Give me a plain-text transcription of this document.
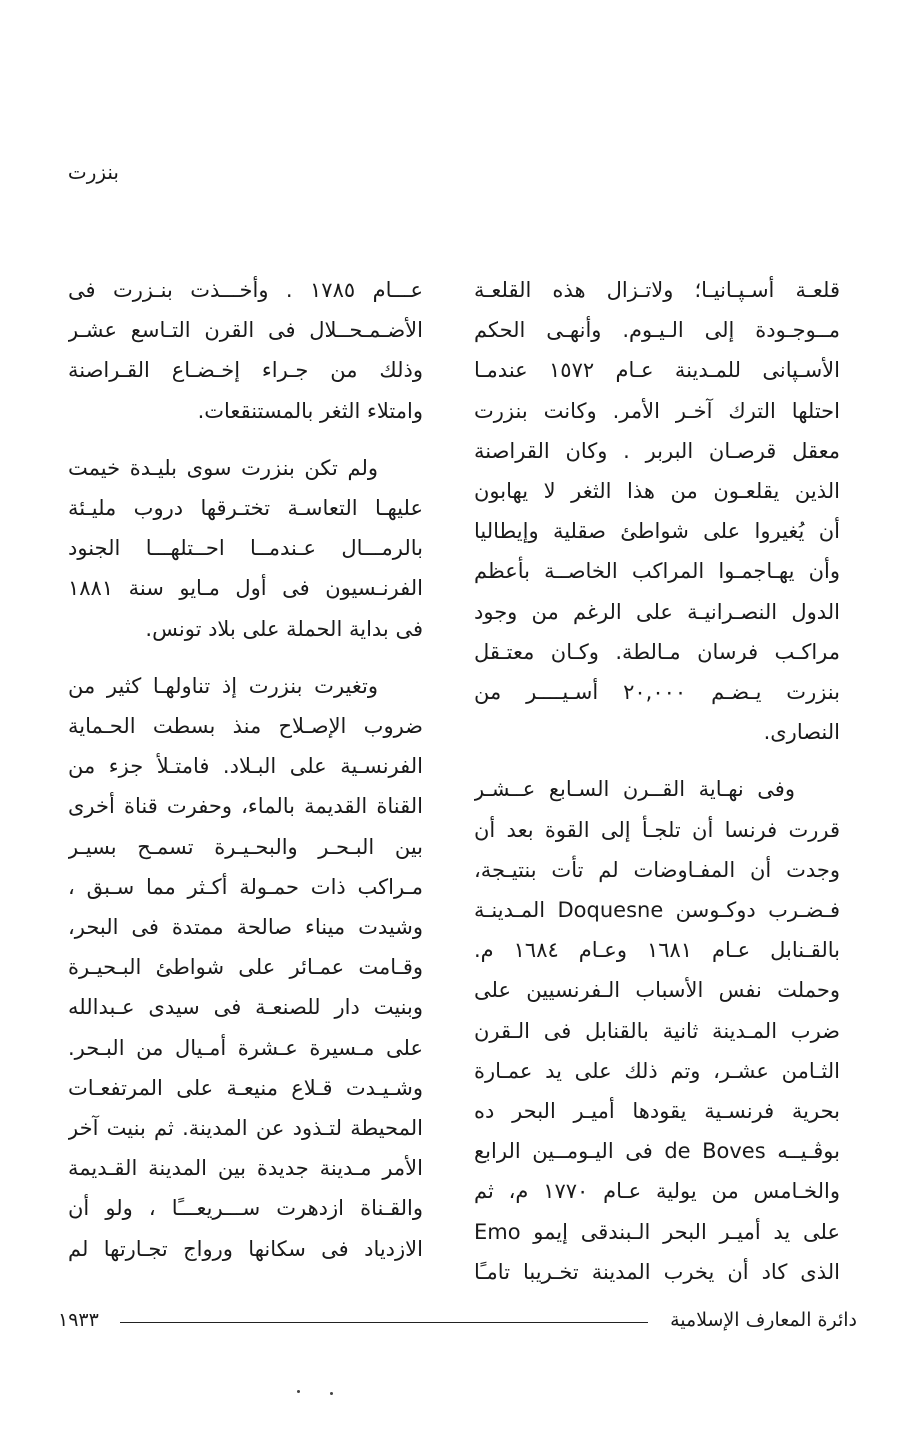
بنزرت

قلعـة أسـپـانيـا؛ ولاتـزال هذه القلعـة
مــوجـودة إلى الـيـوم. وأنهـى الحكم
الأسـپانى للمـدينة عـام ١٥٧٢ عندمـا
احتلها الترك آخـر الأمر. وكانت بنزرت
معقل قرصـان البربر . وكان القراصنة
الذين يقلعـون من هذا الثغر لا يهابون
أن يُغيروا على شواطئ صقلية وإيطاليا
وأن يهـاجمـوا المراكب الخاصــة بأعظم
الدول النصـرانيـة على الرغم من وجود
مراكـب فرسان مـالطة. وكـان معتـقل
بنزرت يـضـم ٢٠,٠٠٠ أسـيــــر من
النصارى.

وفى نهـاية القــرن السـابع عــشـر
قررت فرنسا أن تلجـأ إلى القوة بعد أن
وجدت أن المفـاوضات لم تأت بنتيـجة،
فـضـرب دوكـوسن Doquesne المـدينـة
بالقـنابل عـام ١٦٨١ وعـام ١٦٨٤ م.
وحملت نفس الأسباب الـفرنسيين على
ضرب المـدينة ثانية بالقنابل فى الـقرن
الثـامن عشـر، وتم ذلك على يد عمـارة
بحرية فرنسـية يقودها أميـر البحر ده
بوڤـيــه de Boves فى اليـومــين الرابع
والخـامس من يولية عـام ١٧٧٠ م، ثم
على يد أميـر البحر الـبندقى إيمو Emo
الذى كاد أن يخرب المدينة تخـريبا تامـًا

عـــام ١٧٨٥ . وأخـــذت بنـزرت فى
الأضـمـحــلال فى القرن التـاسع عشـر
وذلك من جـراء إخـضـاع القـراصنة
وامتلاء الثغر بالمستنقعات.

ولم تكن بنزرت سوى بليـدة خيمت
عليهـا التعاسـة تختـرقها دروب مليـئة
بالرمـــال عـندمــا احــتلهـــا الجنود
الفرنـسيون فى أول مـايو سنة ١٨٨١
فى بداية الحملة على بلاد تونس.

وتغيرت بنزرت إذ تناولهـا كثير من
ضروب الإصـلاح منذ بسطت الحـماية
الفرنسـية على البـلاد. فامتـلأ جزء من
القناة القديمة بالماء، وحفرت قناة أخرى
بين البـحـر والبحـيـرة تسمـح بسيـر
مـراكب ذات حمـولة أكـثر مما سـبق ،
وشيدت ميناء صالحة ممتدة فى البحر،
وقـامت عمـائر على شواطئ البـحيـرة
وبنيت دار للصنعـة فى سيدى عـبدالله
على مـسيرة عـشرة أمـيال من البـحر.
وشـيـدت قـلاع منيعـة على المرتفعـات
المحيطة لتـذود عن المدينة. ثم بنيت آخر
الأمر مـدينة جديدة بين المدينة القـديمة
والقـناة ازدهرت ســـريعـــًا ، ولو أن
الازدياد فى سكانها ورواج تجـارتها لم

دائرة المعارف الإسلامية
١٩٣٣
